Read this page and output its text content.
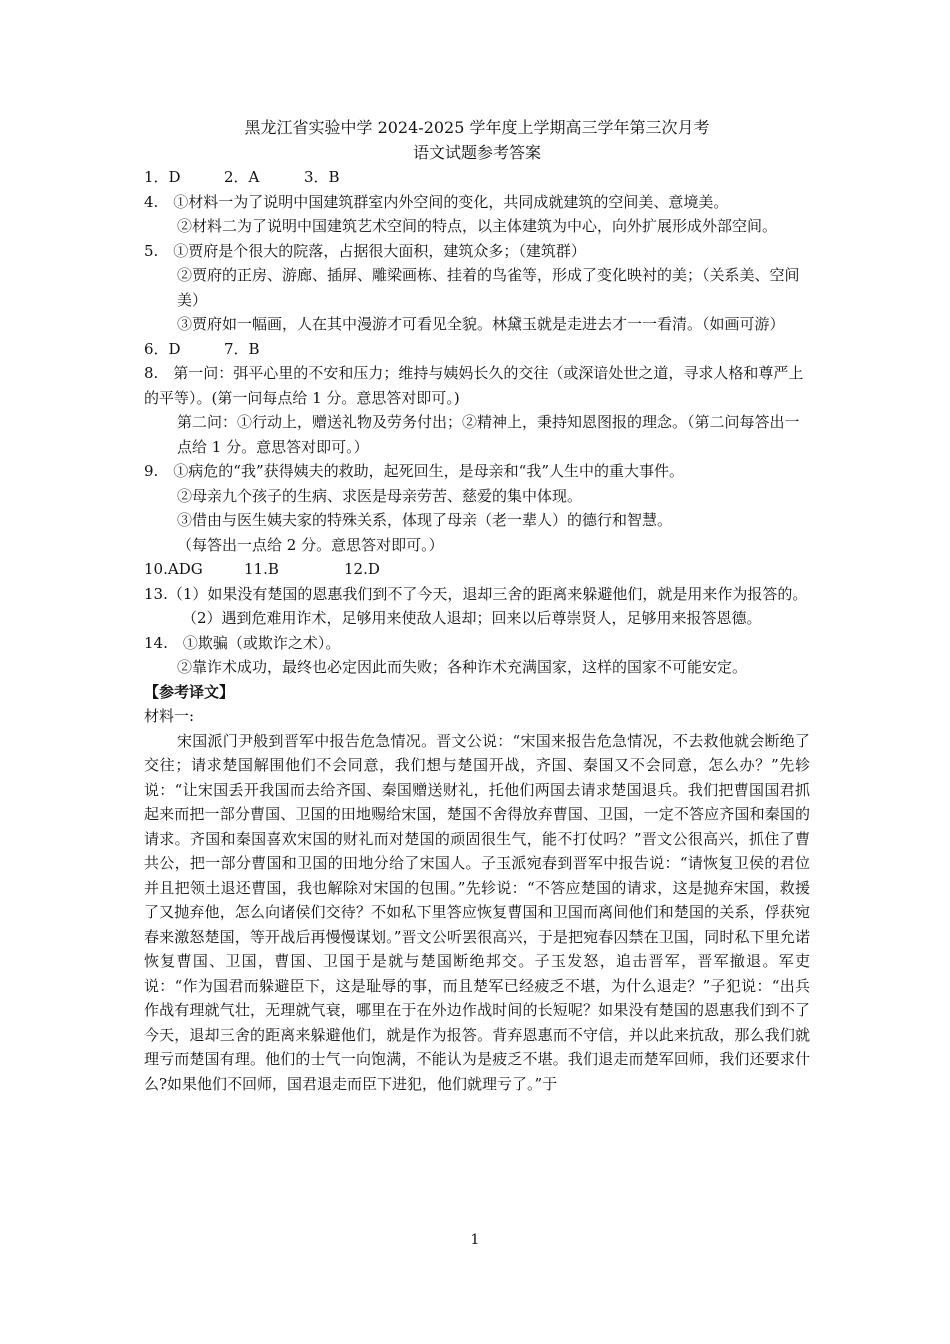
黑龙江省实验中学 2024-2025 学年度上学期高三学年第三次月考
语文试题参考答案
1．D	2．A	3．B
4.　①材料一为了说明中国建筑群室内外空间的变化，共同成就建筑的空间美、意境美。
②材料二为了说明中国建筑艺术空间的特点，以主体建筑为中心，向外扩展形成外部空间。
5.　①贾府是个很大的院落，占据很大面积，建筑众多；（建筑群）
②贾府的正房、游廊、插屏、雕梁画栋、挂着的鸟雀等，形成了变化映衬的美；（关系美、空间美）
③贾府如一幅画，人在其中漫游才可看见全貌。林黛玉就是走进去才一一看清。（如画可游）
6．D	7．B
8.　第一问：弭平心里的不安和压力；维持与姨妈长久的交往（或深谙处世之道，寻求人格和尊严上的平等）。(第一问每点给 1 分。意思答对即可。)
第二问：①行动上，赠送礼物及劳务付出；②精神上，秉持知恩图报的理念。（第二问每答出一点给 1 分。意思答对即可。）
9.　①病危的“我”获得姨夫的救助，起死回生，是母亲和“我”人生中的重大事件。
②母亲九个孩子的生病、求医是母亲劳苦、慈爱的集中体现。
③借由与医生姨夫家的特殊关系，体现了母亲（老一辈人）的德行和智慧。
（每答出一点给 2 分。意思答对即可。）
10.ADG	11.B	12.D
13.（1）如果没有楚国的恩惠我们到不了今天，退却三舍的距离来躲避他们，就是用来作为报答的。
（2）遇到危难用诈术，足够用来使敌人退却；回来以后尊崇贤人，足够用来报答恩德。
14.　①欺骗（或欺诈之术）。
②靠诈术成功，最终也必定因此而失败；各种诈术充满国家，这样的国家不可能安定。
【参考译文】
材料一:
宋国派门尹般到晋军中报告危急情况。晋文公说：“宋国来报告危急情况，不去救他就会断绝了交往；请求楚国解围他们不会同意，我们想与楚国开战，齐国、秦国又不会同意，怎么办？”先轸说：“让宋国丢开我国而去给齐国、秦国赠送财礼，托他们两国去请求楚国退兵。我们把曹国国君抓起来而把一部分曹国、卫国的田地赐给宋国，楚国不舍得放弃曹国、卫国，一定不答应齐国和秦国的请求。齐国和秦国喜欢宋国的财礼而对楚国的顽固很生气，能不打仗吗？”晋文公很高兴，抓住了曹共公，把一部分曹国和卫国的田地分给了宋国人。子玉派宛春到晋军中报告说：“请恢复卫侯的君位并且把领土退还曹国，我也解除对宋国的包围。”先轸说：“不答应楚国的请求，这是抛弃宋国，救援了又抛弃他，怎么向诸侯们交待？不如私下里答应恢复曹国和卫国而离间他们和楚国的关系，俘获宛春来激怒楚国，等开战后再慢慢谋划。”晋文公听罢很高兴，于是把宛春囚禁在卫国，同时私下里允诺恢复曹国、卫国，曹国、卫国于是就与楚国断绝邦交。子玉发怒，追击晋军，晋军撤退。军吏说：“作为国君而躲避臣下，这是耻辱的事，而且楚军已经疲乏不堪，为什么退走？”子犯说：“出兵作战有理就气壮，无理就气衰，哪里在于在外边作战时间的长短呢？如果没有楚国的恩惠我们到不了今天，退却三舍的距离来躲避他们，就是作为报答。背弃恩惠而不守信，并以此来抗敌，那么我们就理亏而楚国有理。他们的士气一向饱满，不能认为是疲乏不堪。我们退走而楚军回师，我们还要求什么?如果他们不回师，国君退走而臣下进犯，他们就理亏了。”于
1
